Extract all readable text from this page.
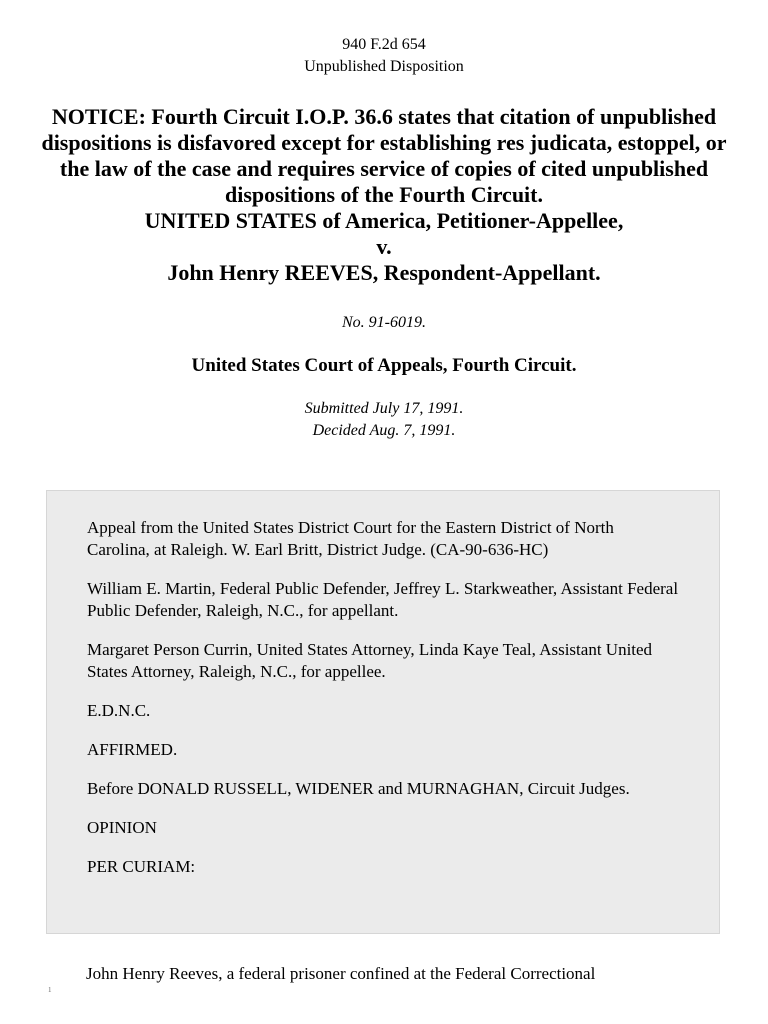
940 F.2d 654
Unpublished Disposition
NOTICE: Fourth Circuit I.O.P. 36.6 states that citation of unpublished dispositions is disfavored except for establishing res judicata, estoppel, or the law of the case and requires service of copies of cited unpublished dispositions of the Fourth Circuit.
UNITED STATES of America, Petitioner-Appellee,
v.
John Henry REEVES, Respondent-Appellant.
No. 91-6019.
United States Court of Appeals, Fourth Circuit.
Submitted July 17, 1991.
Decided Aug. 7, 1991.

Appeal from the United States District Court for the Eastern District of North Carolina, at Raleigh. W. Earl Britt, District Judge. (CA-90-636-HC)

William E. Martin, Federal Public Defender, Jeffrey L. Starkweather, Assistant Federal Public Defender, Raleigh, N.C., for appellant.

Margaret Person Currin, United States Attorney, Linda Kaye Teal, Assistant United States Attorney, Raleigh, N.C., for appellee.

E.D.N.C.

AFFIRMED.

Before DONALD RUSSELL, WIDENER and MURNAGHAN, Circuit Judges.

OPINION

PER CURIAM:

John Henry Reeves, a federal prisoner confined at the Federal Correctional
1
